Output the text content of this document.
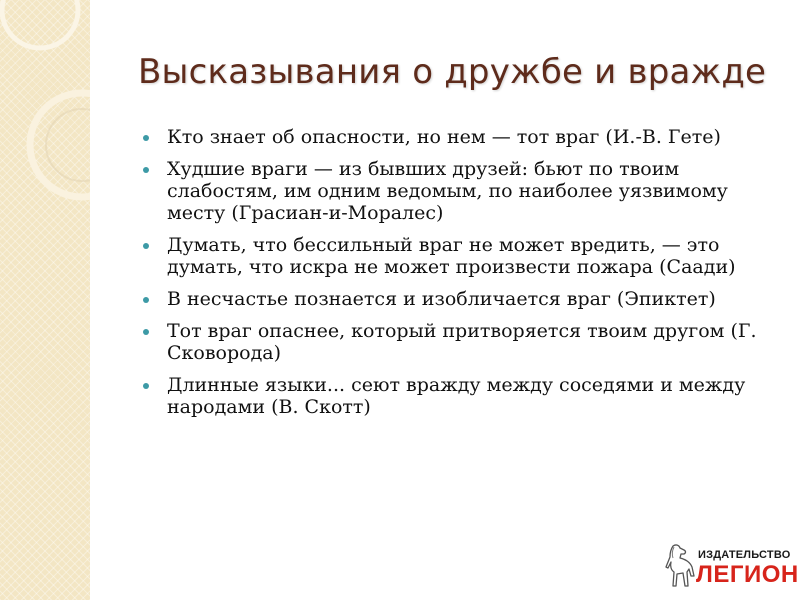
Высказывания о дружбе и вражде
Кто знает об опасности, но нем — тот враг (И.-В. Гете)
Худшие враги — из бывших друзей: бьют по твоим слабостям, им одним ведомым, по наиболее уязвимому месту (Грасиан-и-Моралес)
Думать, что бессильный враг не может вредить, — это думать, что искра не может произвести пожара (Саади)
В несчастье познается и изобличается враг (Эпиктет)
Тот враг опаснее, который притворяется твоим другом (Г. Сковорода)
Длинные языки... сеют вражду между соседями и между народами (В. Скотт)
ИЗДАТЕЛЬСТВО
ЛЕГИОН
